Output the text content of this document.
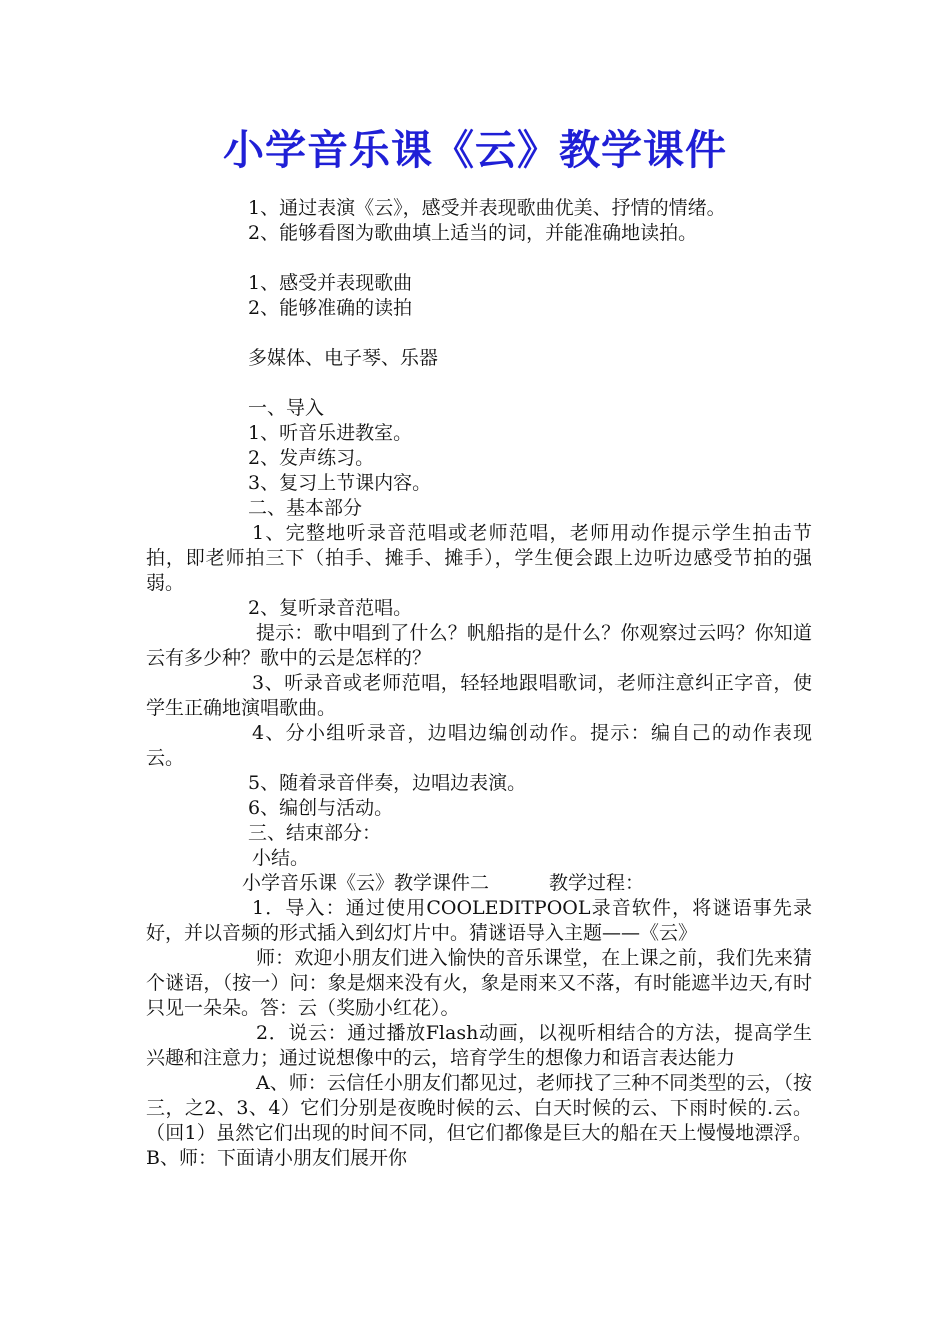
小学音乐课《云》教学课件

1、通过表演《云》，感受并表现歌曲优美、抒情的情绪。

2、能够看图为歌曲填上适当的词，并能准确地读拍。

1、感受并表现歌曲

2、能够准确的读拍

多媒体、电子琴、乐器

一、导入

1、听音乐进教室。

2、发声练习。

3、复习上节课内容。

二、基本部分

1、完整地听录音范唱或老师范唱，老师用动作提示学生拍击节拍，即老师拍三下（拍手、摊手、摊手），学生便会跟上边听边感受节拍的强弱。

2、复听录音范唱。

提示：歌中唱到了什么？帆船指的是什么？你观察过云吗？你知道云有多少种？歌中的云是怎样的？

3、听录音或老师范唱，轻轻地跟唱歌词，老师注意纠正字音，使学生正确地演唱歌曲。

4、分小组听录音，边唱边编创动作。提示：编自己的动作表现云。

5、随着录音伴奏，边唱边表演。

6、编创与活动。

三、结束部分：

小结。

小学音乐课《云》教学课件二	教学过程：

1．导入：通过使用COOLEDITPOOL录音软件，将谜语事先录好，并以音频的形式插入到幻灯片中。猜谜语导入主题——《云》

师：欢迎小朋友们进入愉快的音乐课堂，在上课之前，我们先来猜个谜语，（按一）问：象是烟来没有火，象是雨来又不落，有时能遮半边天,有时只见一朵朵。答：云（奖励小红花）。

2．说云：通过播放Flash动画，以视听相结合的方法，提高学生兴趣和注意力；通过说想像中的云，培育学生的想像力和语言表达能力

A、师：云信任小朋友们都见过，老师找了三种不同类型的云，（按三，之2、3、4）它们分别是夜晚时候的云、白天时候的云、下雨时候的.云。（回1）虽然它们出现的时间不同，但它们都像是巨大的船在天上慢慢地漂浮。B、师：下面请小朋友们展开你
